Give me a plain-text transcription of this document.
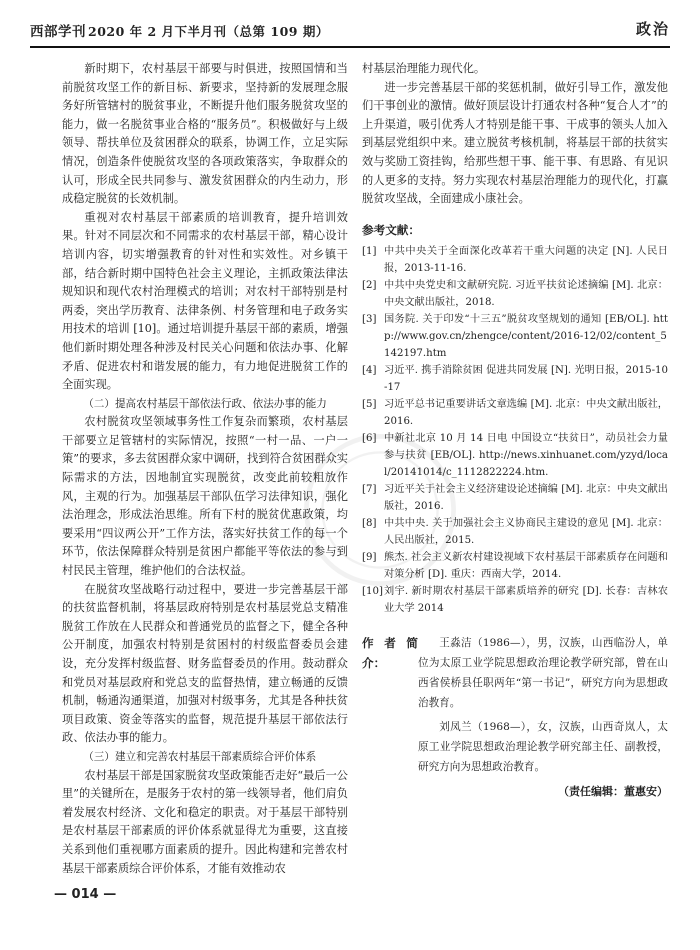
西部学刊 2020 年 2 月下半月刊（总第 109 期）	政治

新时期下，农村基层干部要与时俱进，按照国情和当前脱贫攻坚工作的新目标、新要求，坚持新的发展理念服务好所管辖村的脱贫事业，不断提升他们服务脱贫攻坚的能力，做一名脱贫事业合格的“服务员”。积极做好与上级领导、帮扶单位及贫困群众的联系，协调工作，立足实际情况，创造条件使脱贫攻坚的各项政策落实，争取群众的认可，形成全民共同参与、激发贫困群众的内生动力，形成稳定脱贫的长效机制。

重视对农村基层干部素质的培训教育，提升培训效果。针对不同层次和不同需求的农村基层干部，精心设计培训内容，切实增强教育的针对性和实效性。对乡镇干部，结合新时期中国特色社会主义理论，主抓政策法律法规知识和现代农村治理模式的培训；对农村干部特别是村两委，突出学历教育、法律条例、村务管理和电子政务实用技术的培训 [10]。通过培训提升基层干部的素质，增强他们新时期处理各种涉及村民关心问题和依法办事、化解矛盾、促进农村和谐发展的能力，有力地促进脱贫工作的全面实现。

（二）提高农村基层干部依法行政、依法办事的能力

农村脱贫攻坚领域事务性工作复杂而繁琐，农村基层干部要立足管辖村的实际情况，按照“一村一品、一户一策”的要求，多去贫困群众家中调研，找到符合贫困群众实际需求的方法，因地制宜实现脱贫，改变此前较粗放作风，主观的行为。加强基层干部队伍学习法律知识，强化法治理念，形成法治思维。所有下村的脱贫优惠政策，均要采用“四议两公开”工作方法，落实好扶贫工作的每一个环节，依法保障群众特别是贫困户都能平等依法的参与到村民民主管理，维护他们的合法权益。

在脱贫攻坚战略行动过程中，要进一步完善基层干部的扶贫监督机制，将基层政府特别是农村基层党总支精准脱贫工作放在人民群众和普通党员的监督之下，健全各种公开制度，加强农村特别是贫困村的村级监督委员会建设，充分发挥村级监督、财务监督委员的作用。鼓动群众和党员对基层政府和党总支的监督热情，建立畅通的反馈机制，畅通沟通渠道，加强对村级事务，尤其是各种扶贫项目政策、资金等落实的监督，规范提升基层干部依法行政、依法办事的能力。

（三）建立和完善农村基层干部素质综合评价体系

农村基层干部是国家脱贫攻坚政策能否走好“最后一公里”的关键所在，是服务于农村的第一线领导者，他们肩负着发展农村经济、文化和稳定的职责。对于基层干部特别是农村基层干部素质的评价体系就显得尤为重要，这直接关系到他们重视哪方面素质的提升。因此构建和完善农村基层干部素质综合评价体系，才能有效推动农

村基层治理能力现代化。

进一步完善基层干部的奖惩机制，做好引导工作，激发他们干事创业的激情。做好顶层设计打通农村各种“复合人才”的上升渠道，吸引优秀人才特别是能干事、干成事的领头人加入到基层党组织中来。建立脱贫考核机制，将基层干部的扶贫实效与奖励工资挂钩，给那些想干事、能干事、有思路、有见识的人更多的支持。努力实现农村基层治理能力的现代化，打赢脱贫攻坚战，全面建成小康社会。

参考文献：
[1] 中共中央关于全面深化改革若干重大问题的决定 [N]. 人民日报，2013-11-16.
[2] 中共中央党史和文献研究院. 习近平扶贫论述摘编 [M]. 北京：中央文献出版社，2018.
[3] 国务院. 关于印发“十三五”脱贫攻坚规划的通知 [EB/OL]. http://www.gov.cn/zhengce/content/2016-12/02/content_5142197.htm
[4] 习近平. 携手消除贫困 促进共同发展 [N]. 光明日报，2015-10-17
[5] 习近平总书记重要讲话文章选编 [M]. 北京：中央文献出版社，2016.
[6] 中新社北京 10 月 14 日电 中国设立“扶贫日”，动员社会力量参与扶贫 [EB/OL]. http://news.xinhuanet.com/yzyd/local/20141014/c_1112822224.htm.
[7] 习近平关于社会主义经济建设论述摘编 [M]. 北京：中央文献出版社，2016.
[8] 中共中央. 关于加强社会主义协商民主建设的意见 [M]. 北京：人民出版社，2015.
[9] 熊杰. 社会主义新农村建设视域下农村基层干部素质存在问题和对策分析 [D]. 重庆：西南大学，2014.
[10] 刘宇. 新时期农村基层干部素质培养的研究 [D]. 长春：吉林农业大学 2014
作者简介：

王淼洁（1986—），男，汉族，山西临汾人，单位为太原工业学院思想政治理论教学研究部，曾在山西省侯桥县任职两年“第一书记”，研究方向为思想政治教育。

刘凤兰（1968—），女，汉族，山西奇岚人，太原工业学院思想政治理论教学研究部主任、副教授，研究方向为思想政治教育。

（责任编辑：董惠安）
— 014 —
